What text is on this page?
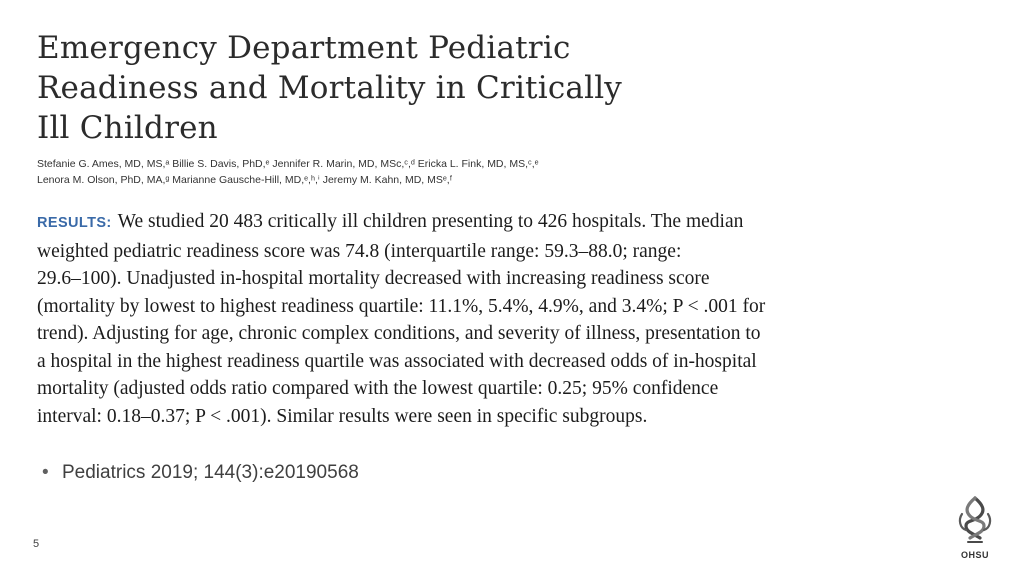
Emergency Department Pediatric
Readiness and Mortality in Critically
Ill Children
Stefanie G. Ames, MD, MS,ᵃ Billie S. Davis, PhD,ᵉ Jennifer R. Marin, MD, MSc,ᶜ,ᵈ Ericka L. Fink, MD, MS,ᶜ,ᵉ
Lenora M. Olson, PhD, MA,ᵍ Marianne Gausche-Hill, MD,ᵉ,ʰ,ⁱ Jeremy M. Kahn, MD, MSᵉ,ᶠ
RESULTS: We studied 20 483 critically ill children presenting to 426 hospitals. The median
weighted pediatric readiness score was 74.8 (interquartile range: 59.3–88.0; range:
29.6–100). Unadjusted in-hospital mortality decreased with increasing readiness score
(mortality by lowest to highest readiness quartile: 11.1%, 5.4%, 4.9%, and 3.4%; P < .001 for
trend). Adjusting for age, chronic complex conditions, and severity of illness, presentation to
a hospital in the highest readiness quartile was associated with decreased odds of in-hospital
mortality (adjusted odds ratio compared with the lowest quartile: 0.25; 95% confidence
interval: 0.18–0.37; P < .001). Similar results were seen in specific subgroups.
• Pediatrics 2019; 144(3):e20190568
5
OHSU
